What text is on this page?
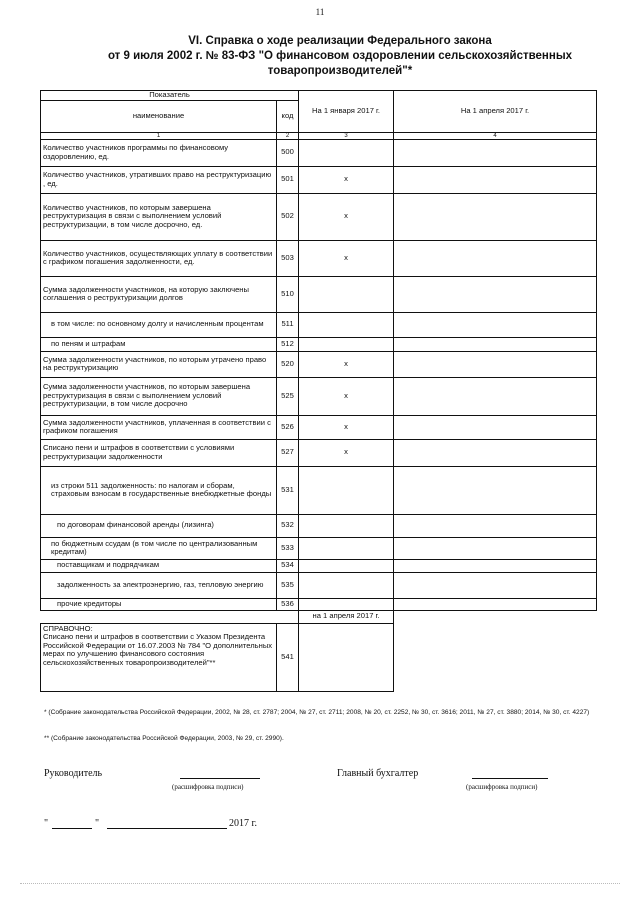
11
VI. Справка о ходе реализации Федерального закона
от 9 июля 2002 г. № 83-ФЗ "О финансовом оздоровлении сельскохозяйственных
товаропроизводителей"*
Показатель		На 1 января 2017 г.	На 1 апреля 2017 г.
наименование	код		
1	2	3	4
Количество участников программы по финансовому оздоровлению, ед.	500		
Количество участников, утративших право на реструктуризацию , ед.	501	x	
Количество участников, по которым завершена реструктуризация в связи с выполнением условий реструктуризации, в том числе досрочно, ед.	502	x	
Количество участников, осуществляющих уплату в соответствии с графиком погашения задолженности, ед.	503	x	
Сумма задолженности участников, на которую заключены соглашения о реструктуризации долгов	510		
в том числе: по основному долгу и начисленным процентам	511		
по пеням и штрафам	512		
Сумма задолженности участников, по которым утрачено право на реструктуризацию	520	x	
Сумма задолженности участников, по которым завершена реструктуризация в связи с выполнением условий реструктуризации, в том числе досрочно	525	x	
Сумма задолженности участников, уплаченная в соответствии с графиком погашения	526	x	
Списано пени и штрафов в соответствии с условиями реструктуризации задолженности	527	x	
из строки 511 задолженность: по налогам и сборам, страховым взносам в государственные внебюджетные фонды	531		
по договорам финансовой аренды (лизинга)	532		
по бюджетным ссудам (в том числе по централизованным кредитам)	533		
поставщикам и подрядчикам	534		
задолженность за электроэнергию, газ, тепловую энергию	535		
прочие кредиторы	536		
		на 1 апреля 2017 г.	

СПРАВОЧНО:
Списано пени и штрафов в соответствии с Указом Президента Российской Федерации от 16.07.2003 № 784 "О дополнительных мерах по улучшению финансового состояния сельскохозяйственных товаропроизводителей"**	541		
* (Собрание законодательства Российской Федерации, 2002, № 28, ст. 2787; 2004, № 27, ст. 2711; 2008, № 20, ст. 2252, № 30, ст. 3616; 2011, № 27, ст. 3880; 2014, № 30, ст. 4227)
** (Собрание законодательства Российской Федерации, 2003, № 29, ст. 2990).
Руководитель
(расшифровка подписи)
Главный бухгалтер
(расшифровка подписи)
"	"	2017 г.
